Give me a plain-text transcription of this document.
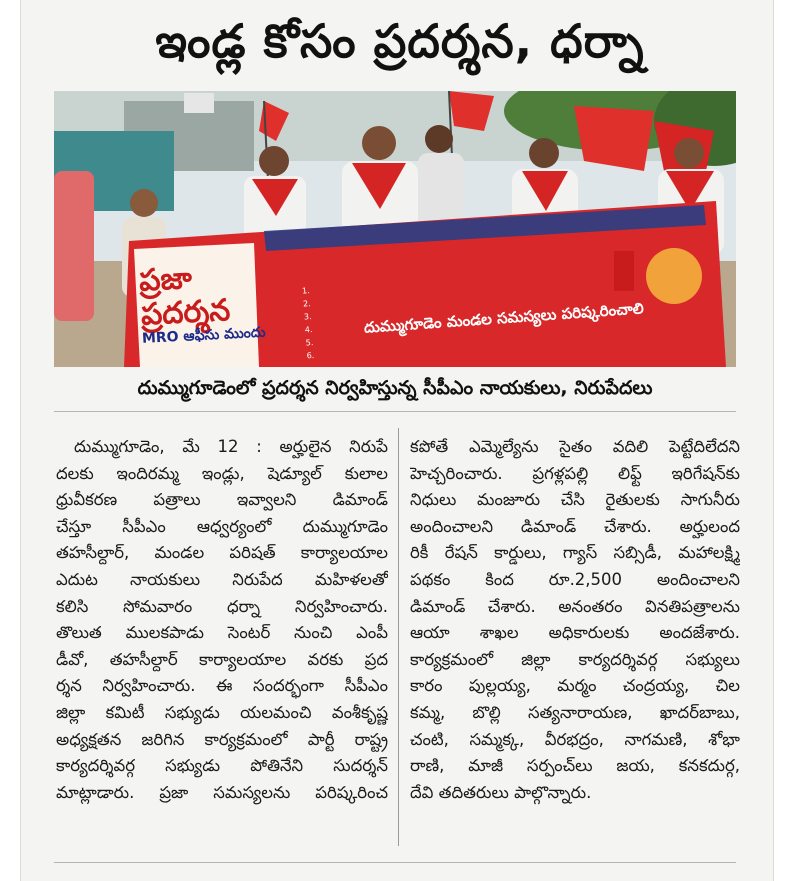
ఇండ్ల కోసం ప్రదర్శన, ధర్నా
దుమ్ముగూడెం మండల సమస్యలు పరిష్కరించాలి
ప్రజా ప్రదర్శన
MRO ఆఫీసు ముందు
1.
2.
3.
4.
5.
6.
దుమ్ముగూడెంలో ప్రదర్శన నిర్వహిస్తున్న సీపీఎం నాయకులు, నిరుపేదలు
దుమ్ముగూడెం, మే 12 : అర్హులైన నిరుపే
దలకు ఇందిరమ్మ ఇండ్లు, షెడ్యూల్ కులాల
ధ్రువీకరణ పత్రాలు ఇవ్వాలని డిమాండ్
చేస్తూ సీపీఎం ఆధ్వర్యంలో దుమ్ముగూడెం
తహసీల్దార్, మండల పరిషత్ కార్యాలయాల
ఎదుట నాయకులు నిరుపేద మహిళలతో
కలిసి సోమవారం ధర్నా నిర్వహించారు.
తొలుత ములకపాడు సెంటర్ నుంచి ఎంపీ
డీవో, తహసీల్దార్ కార్యాలయాల వరకు ప్రద
ర్శన నిర్వహించారు. ఈ సందర్భంగా సీపీఎం
జిల్లా కమిటీ సభ్యుడు యలమంచి వంశీకృష్ణ
అధ్యక్షతన జరిగిన కార్యక్రమంలో పార్టీ రాష్ట్ర
కార్యదర్శివర్గ సభ్యుడు పోతినేని సుదర్శన్
మాట్లాడారు. ప్రజా సమస్యలను పరిష్కరించ
కపోతే ఎమ్మెల్యేను సైతం వదిలి పెట్టేదిలేదని
హెచ్చరించారు. ప్రగళ్లపల్లి లిఫ్ట్ ఇరిగేషన్‌కు
నిధులు మంజూరు చేసి రైతులకు సాగునీరు
అందించాలని డిమాండ్ చేశారు. అర్హులంద
రికీ రేషన్ కార్డులు, గ్యాస్ సబ్సిడీ, మహాలక్ష్మి
పథకం కింద రూ.2,500 అందించాలని
డిమాండ్ చేశారు. అనంతరం వినతిపత్రాలను
ఆయా శాఖల అధికారులకు అందజేశారు.
కార్యక్రమంలో జిల్లా కార్యదర్శివర్గ సభ్యులు
కారం పుల్లయ్య, మర్మం చంద్రయ్య, చిల
కమ్మ, బొల్లి సత్యనారాయణ, ఖాదర్‌బాబు,
చంటి, సమ్మక్క, వీరభద్రం, నాగమణి, శోభా
రాణి, మాజీ సర్పంచ్‌లు జయ, కనకదుర్గ,
దేవి తదితరులు పాల్గొన్నారు.
